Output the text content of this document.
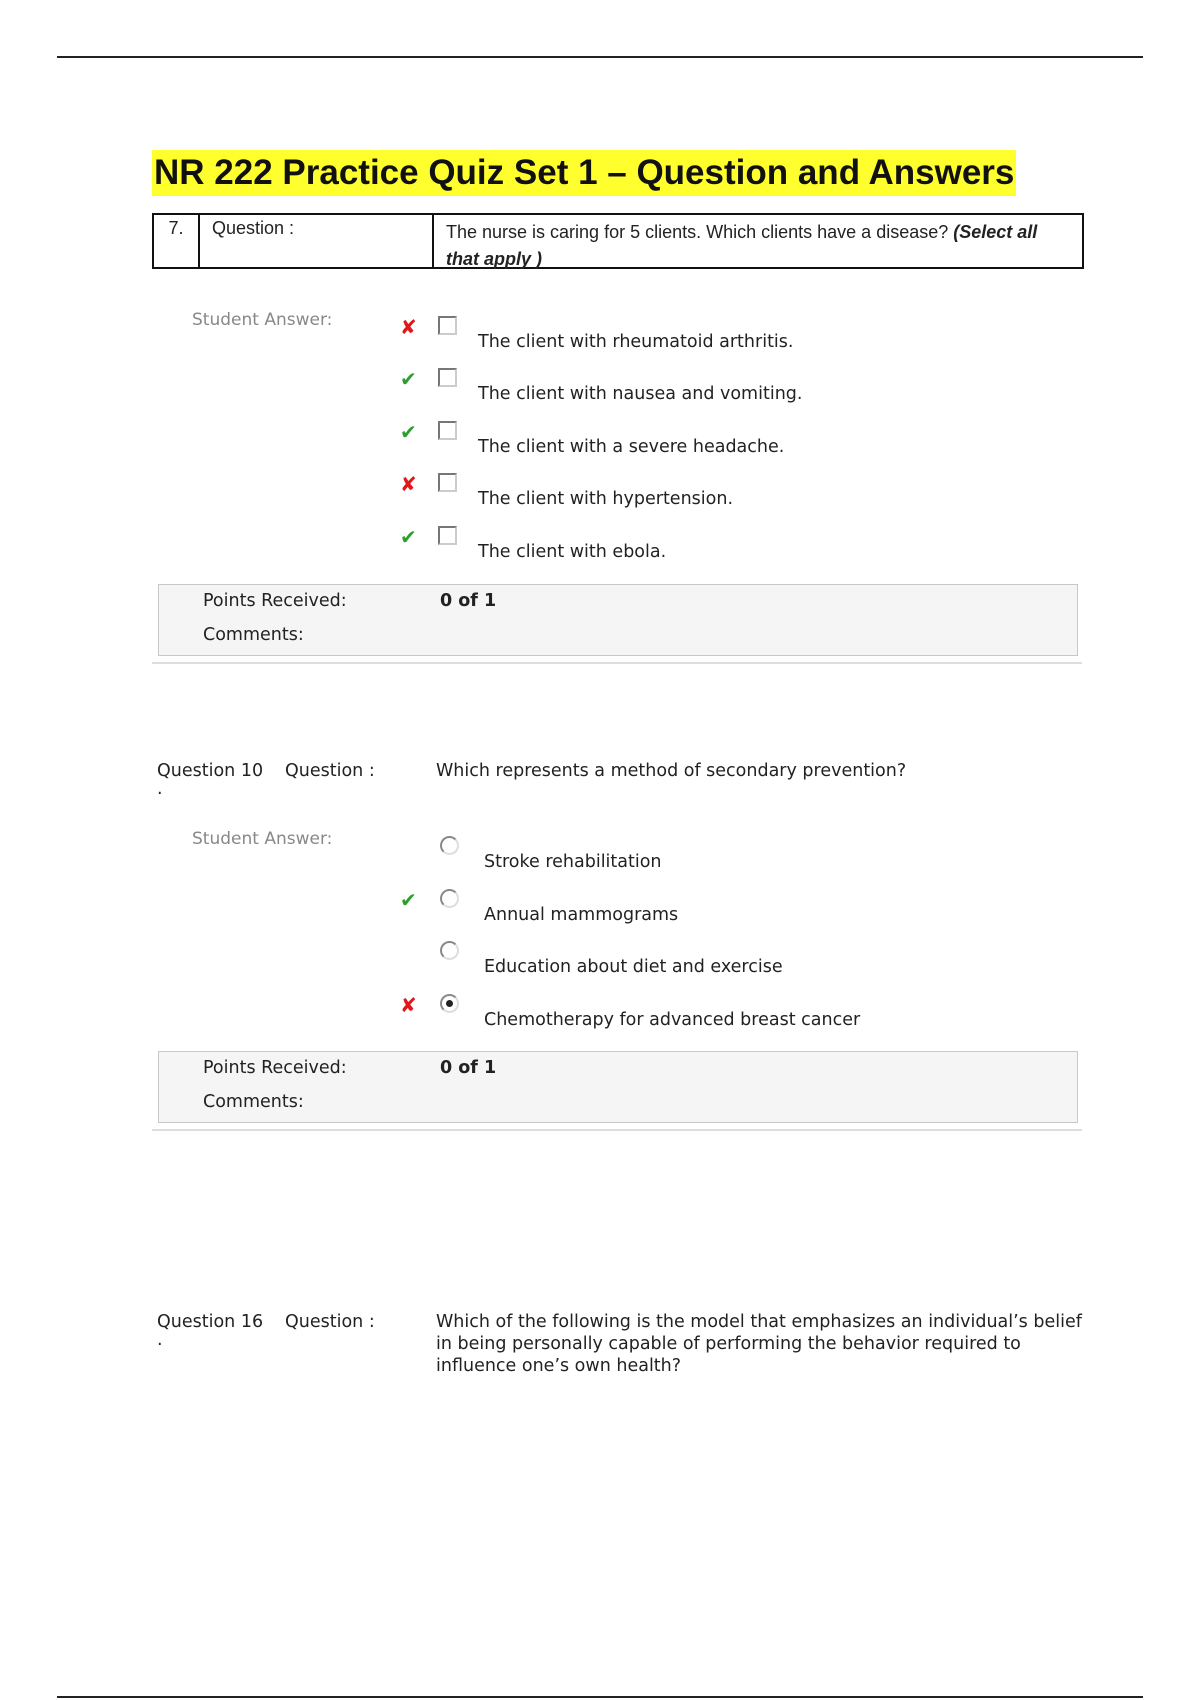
NR 222 Practice Quiz Set 1 – Question and Answers
7.	Question :	The nurse is caring for 5 clients. Which clients have a disease? (Select all that apply )
Student Answer:	✘
The client with rheumatoid arthritis.
✔
The client with nausea and vomiting.
✔
The client with a severe headache.
✘
The client with hypertension.
✔
The client with ebola.
Points Received:	0 of 1
Comments:
Question 10 Question :
.
Which represents a method of secondary prevention?
Student Answer:
Stroke rehabilitation
✔
Annual mammograms
Education about diet and exercise
✘
Chemotherapy for advanced breast cancer
Points Received:	0 of 1
Comments:
Question 16 Question :
.
Which of the following is the model that emphasizes an individual’s belief in being personally capable of performing the behavior required to influence one’s own health?
